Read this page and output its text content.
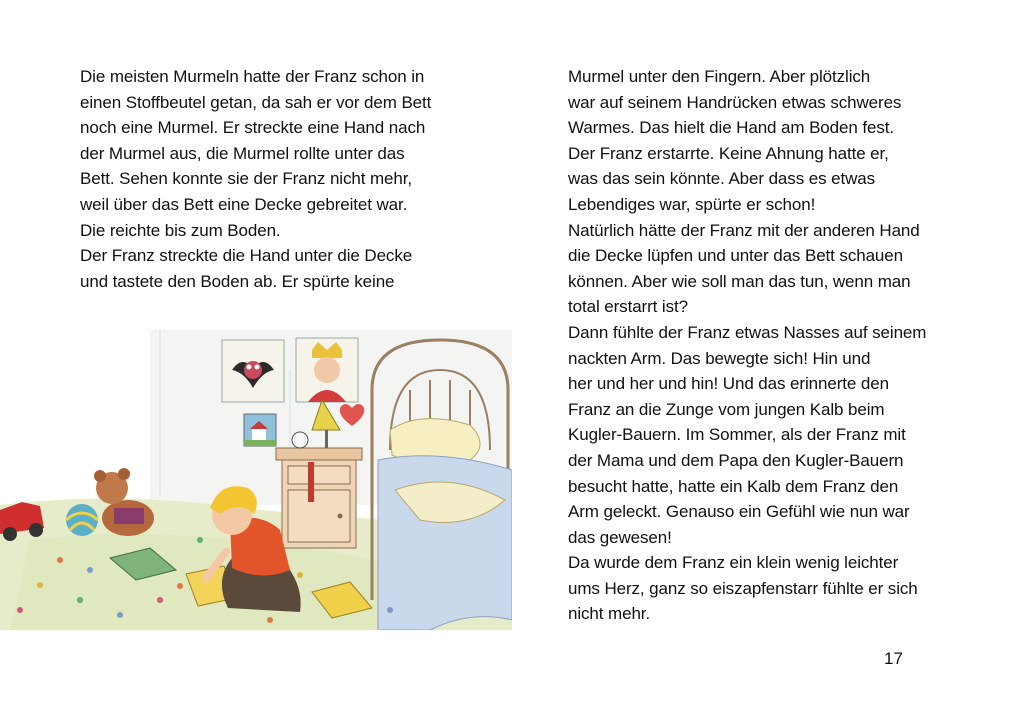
Die meisten Murmeln hatte der Franz schon in
einen Stoffbeutel getan, da sah er vor dem Bett
noch eine Murmel. Er streckte eine Hand nach
der Murmel aus, die Murmel rollte unter das
Bett. Sehen konnte sie der Franz nicht mehr,
weil über das Bett eine Decke gebreitet war.
Die reichte bis zum Boden.
Der Franz streckte die Hand unter die Decke
und tastete den Boden ab. Er spürte keine
Murmel unter den Fingern. Aber plötzlich
war auf seinem Handrücken etwas schweres
Warmes. Das hielt die Hand am Boden fest.
Der Franz erstarrte. Keine Ahnung hatte er,
was das sein könnte. Aber dass es etwas
Lebendiges war, spürte er schon!
Natürlich hätte der Franz mit der anderen Hand
die Decke lüpfen und unter das Bett schauen
können. Aber wie soll man das tun, wenn man
total erstarrt ist?
Dann fühlte der Franz etwas Nasses auf seinem
nackten Arm. Das bewegte sich! Hin und
her und her und hin! Und das erinnerte den
Franz an die Zunge vom jungen Kalb beim
Kugler-Bauern. Im Sommer, als der Franz mit
der Mama und dem Papa den Kugler-Bauern
besucht hatte, hatte ein Kalb dem Franz den
Arm geleckt. Genauso ein Gefühl wie nun war
das gewesen!
Da wurde dem Franz ein klein wenig leichter
ums Herz, ganz so eiszapfenstarr fühlte er sich
nicht mehr.
17
